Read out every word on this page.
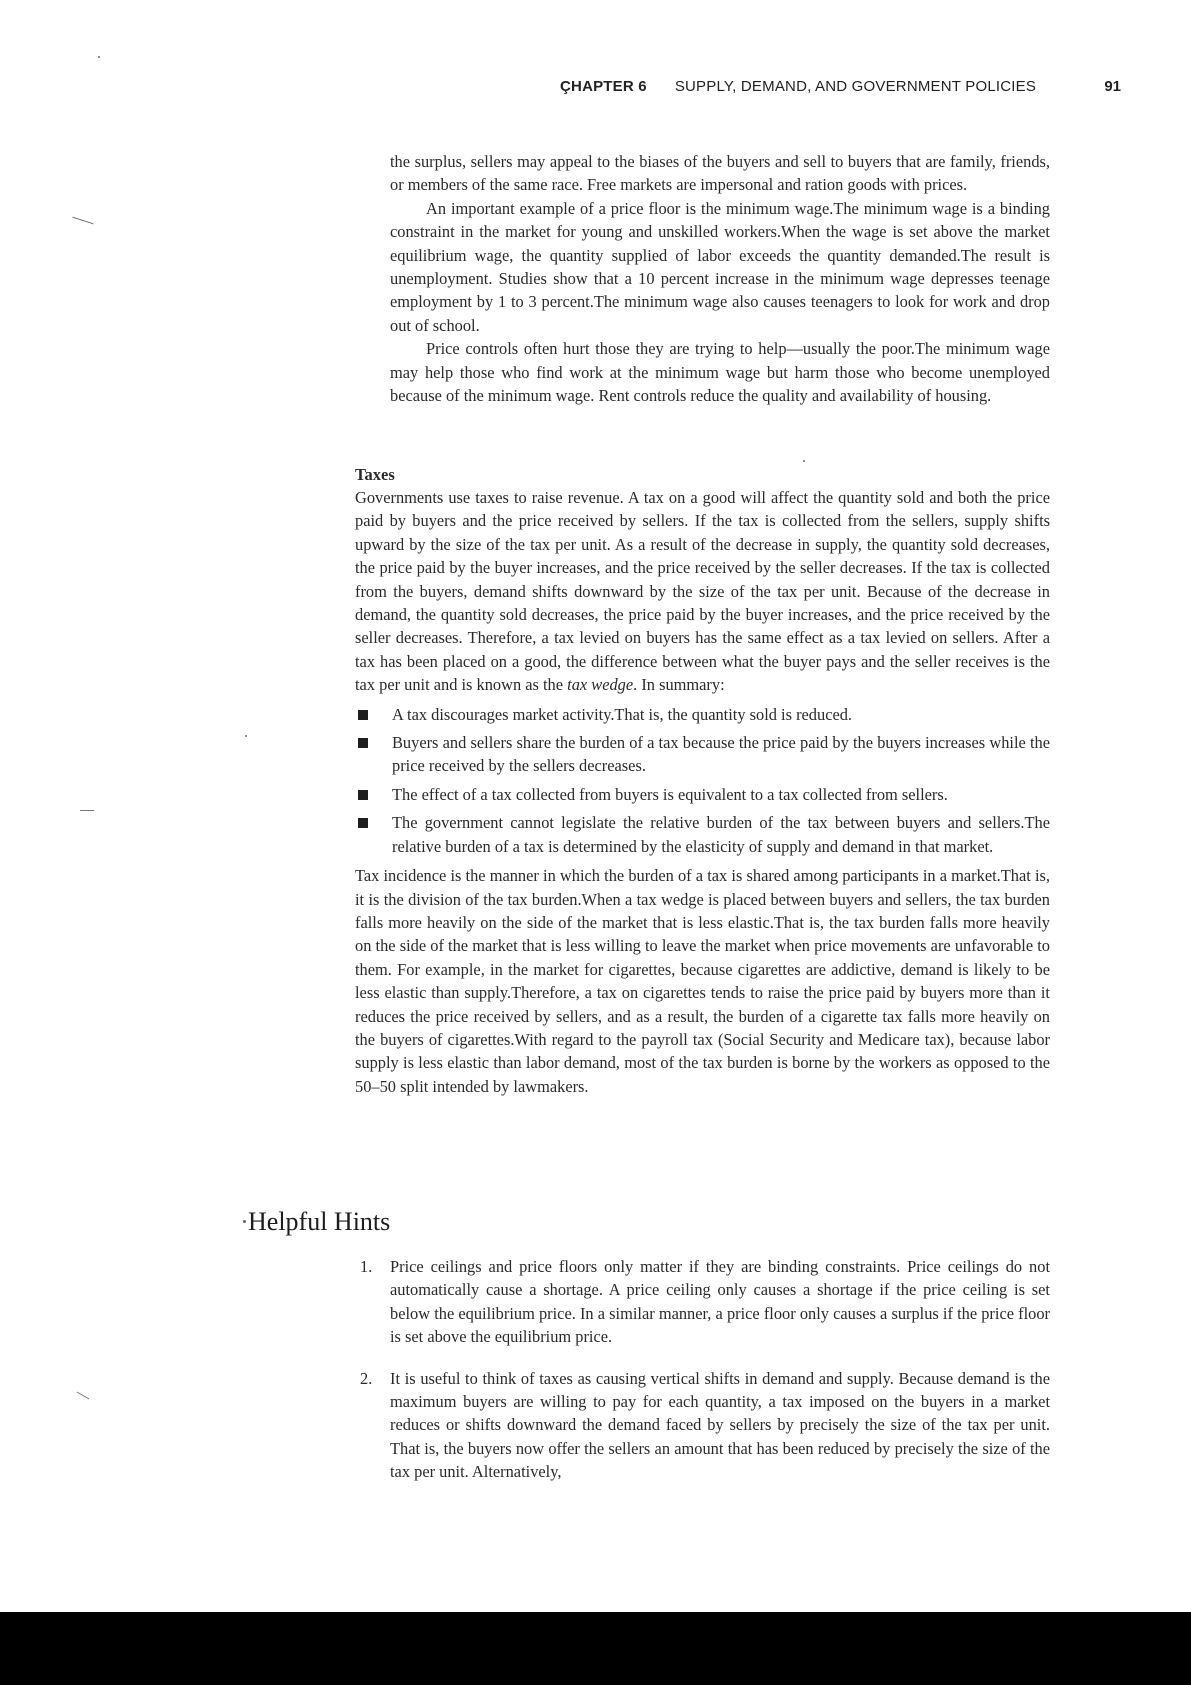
ÇHAPTER 6 SUPPLY, DEMAND, AND GOVERNMENT POLICIES	91

the surplus, sellers may appeal to the biases of the buyers and sell to buyers that are family, friends, or members of the same race. Free markets are impersonal and ration goods with prices.

An important example of a price floor is the minimum wage.The minimum wage is a binding constraint in the market for young and unskilled workers.When the wage is set above the market equilibrium wage, the quantity supplied of labor exceeds the quantity demanded.The result is unemployment. Studies show that a 10 percent increase in the minimum wage depresses teenage employment by 1 to 3 percent.The minimum wage also causes teenagers to look for work and drop out of school.

Price controls often hurt those they are trying to help—usually the poor.The minimum wage may help those who find work at the minimum wage but harm those who become unemployed because of the minimum wage. Rent controls reduce the quality and availability of housing.

Taxes

Governments use taxes to raise revenue. A tax on a good will affect the quantity sold and both the price paid by buyers and the price received by sellers. If the tax is collected from the sellers, supply shifts upward by the size of the tax per unit. As a result of the decrease in supply, the quantity sold decreases, the price paid by the buyer increases, and the price received by the seller decreases. If the tax is collected from the buyers, demand shifts downward by the size of the tax per unit. Because of the decrease in demand, the quantity sold decreases, the price paid by the buyer increases, and the price received by the seller decreases. Therefore, a tax levied on buyers has the same effect as a tax levied on sellers. After a tax has been placed on a good, the difference between what the buyer pays and the seller receives is the tax per unit and is known as the tax wedge. In summary:

A tax discourages market activity.That is, the quantity sold is reduced.
Buyers and sellers share the burden of a tax because the price paid by the buyers increases while the price received by the sellers decreases.
The effect of a tax collected from buyers is equivalent to a tax collected from sellers.
The government cannot legislate the relative burden of the tax between buyers and sellers.The relative burden of a tax is determined by the elasticity of supply and demand in that market.

Tax incidence is the manner in which the burden of a tax is shared among participants in a market.That is, it is the division of the tax burden.When a tax wedge is placed between buyers and sellers, the tax burden falls more heavily on the side of the market that is less elastic.That is, the tax burden falls more heavily on the side of the market that is less willing to leave the market when price movements are unfavorable to them. For example, in the market for cigarettes, because cigarettes are addictive, demand is likely to be less elastic than supply.Therefore, a tax on cigarettes tends to raise the price paid by buyers more than it reduces the price received by sellers, and as a result, the burden of a cigarette tax falls more heavily on the buyers of cigarettes.With regard to the payroll tax (Social Security and Medicare tax), because labor supply is less elastic than labor demand, most of the tax burden is borne by the workers as opposed to the 50–50 split intended by lawmakers.

Helpful Hints
1. Price ceilings and price floors only matter if they are binding constraints. Price ceilings do not automatically cause a shortage. A price ceiling only causes a shortage if the price ceiling is set below the equilibrium price. In a similar manner, a price floor only causes a surplus if the price floor is set above the equilibrium price.
2. It is useful to think of taxes as causing vertical shifts in demand and supply. Because demand is the maximum buyers are willing to pay for each quantity, a tax imposed on the buyers in a market reduces or shifts downward the demand faced by sellers by precisely the size of the tax per unit. That is, the buyers now offer the sellers an amount that has been reduced by precisely the size of the tax per unit. Alternatively,
